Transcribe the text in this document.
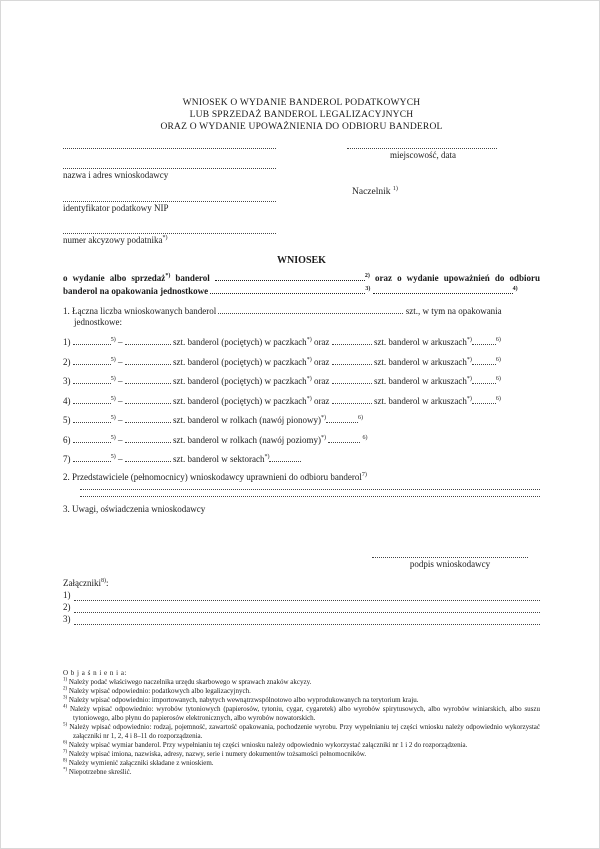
WNIOSEK O WYDANIE BANDEROL PODATKOWYCH
LUB SPRZEDAŻ BANDEROL LEGALIZACYJNYCH
ORAZ O WYDANIE UPOWAŻNIENIA DO ODBIORU BANDEROL
nazwa i adres wnioskodawcy
identyfikator podatkowy NIP
numer akcyzowy podatnika*)
miejscowość, data
Naczelnik $^{1)}$
WNIOSEK
o wydanie albo sprzedaż*) banderol	$^{2)}$ oraz o wydanie upoważnień do odbioru banderol na opakowania jednostkowe	$^{3)}$	$^{4)}$
1. Łączna liczba wnioskowanych banderol	szt., w tym na opakowania
jednostkowe:
1)	$^{5)}$ –	szt. banderol (pociętych) w paczkach*) oraz	szt. banderol w arkuszach*)	$^{6)}$
2)	$^{5)}$ –	szt. banderol (pociętych) w paczkach*) oraz	szt. banderol w arkuszach*)	$^{6)}$
3)	$^{5)}$ –	szt. banderol (pociętych) w paczkach*) oraz	szt. banderol w arkuszach*)	$^{6)}$
4)	$^{5)}$ –	szt. banderol (pociętych) w paczkach*) oraz	szt. banderol w arkuszach*)	$^{6)}$
5)	$^{5)}$ –	szt. banderol w rolkach (nawój pionowy)*)	$^{6)}$
6)	$^{5)}$ –	szt. banderol w rolkach (nawój poziomy)*)	$^{6)}$
7)	$^{5)}$ –	szt. banderol w sektorach*)
2. Przedstawiciele (pełnomocnicy) wnioskodawcy uprawnieni do odbioru banderol$^{7)}$
3. Uwagi, oświadczenia wnioskodawcy
podpis wnioskodawcy
Załączniki$^{8)}$:
1)
2)
3)
O b j a ś n i e n i a:
$^{1)}$ Należy podać właściwego naczelnika urzędu skarbowego w sprawach znaków akcyzy.
$^{2)}$ Należy wpisać odpowiednio: podatkowych albo legalizacyjnych.
$^{3)}$ Należy wpisać odpowiednio: importowanych, nabytych wewnątrzwspólnotowo albo wyprodukowanych na terytorium kraju.
$^{4)}$ Należy wpisać odpowiednio: wyrobów tytoniowych (papierosów, tytoniu, cygar, cygaretek) albo wyrobów spirytusowych, albo wyrobów winiarskich, albo suszu tytoniowego, albo płynu do papierosów elektronicznych, albo wyrobów nowatorskich.
$^{5)}$ Należy wpisać odpowiednio: rodzaj, pojemność, zawartość opakowania, pochodzenie wyrobu. Przy wypełnianiu tej części wniosku należy odpowiednio wykorzystać załączniki nr 1, 2, 4 i 8–11 do rozporządzenia.
$^{6)}$ Należy wpisać wymiar banderol. Przy wypełnianiu tej części wniosku należy odpowiednio wykorzystać załączniki nr 1 i 2 do rozporządzenia.
$^{7)}$ Należy wpisać imiona, nazwiska, adresy, nazwy, serie i numery dokumentów tożsamości pełnomocników.
$^{8)}$ Należy wymienić załączniki składane z wnioskiem.
*) Niepotrzebne skreślić.
